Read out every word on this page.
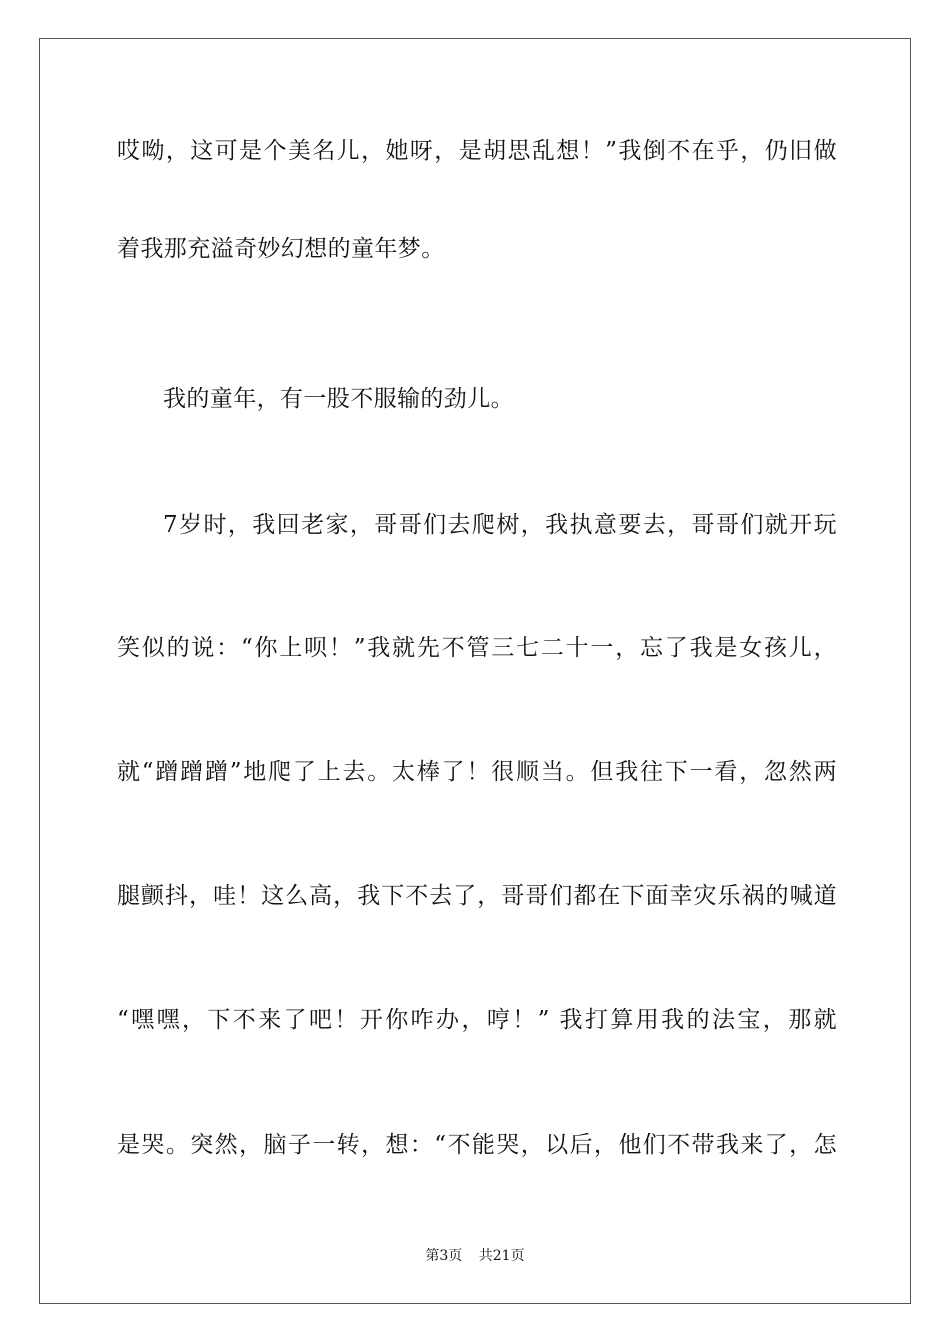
哎呦，这可是个美名儿，她呀，是胡思乱想！”我倒不在乎，仍旧做
着我那充溢奇妙幻想的童年梦。
我的童年，有一股不服输的劲儿。
7岁时，我回老家，哥哥们去爬树，我执意要去，哥哥们就开玩
笑似的说：“你上呗！”我就先不管三七二十一，忘了我是女孩儿，
就“蹭蹭蹭”地爬了上去。太棒了！很顺当。但我往下一看，忽然两
腿颤抖，哇！这么高，我下不去了，哥哥们都在下面幸灾乐祸的喊道
“嘿嘿，下不来了吧！开你咋办，哼！” 我打算用我的法宝，那就
是哭。突然，脑子一转，想：“不能哭，以后，他们不带我来了，怎
第3页 共21页
